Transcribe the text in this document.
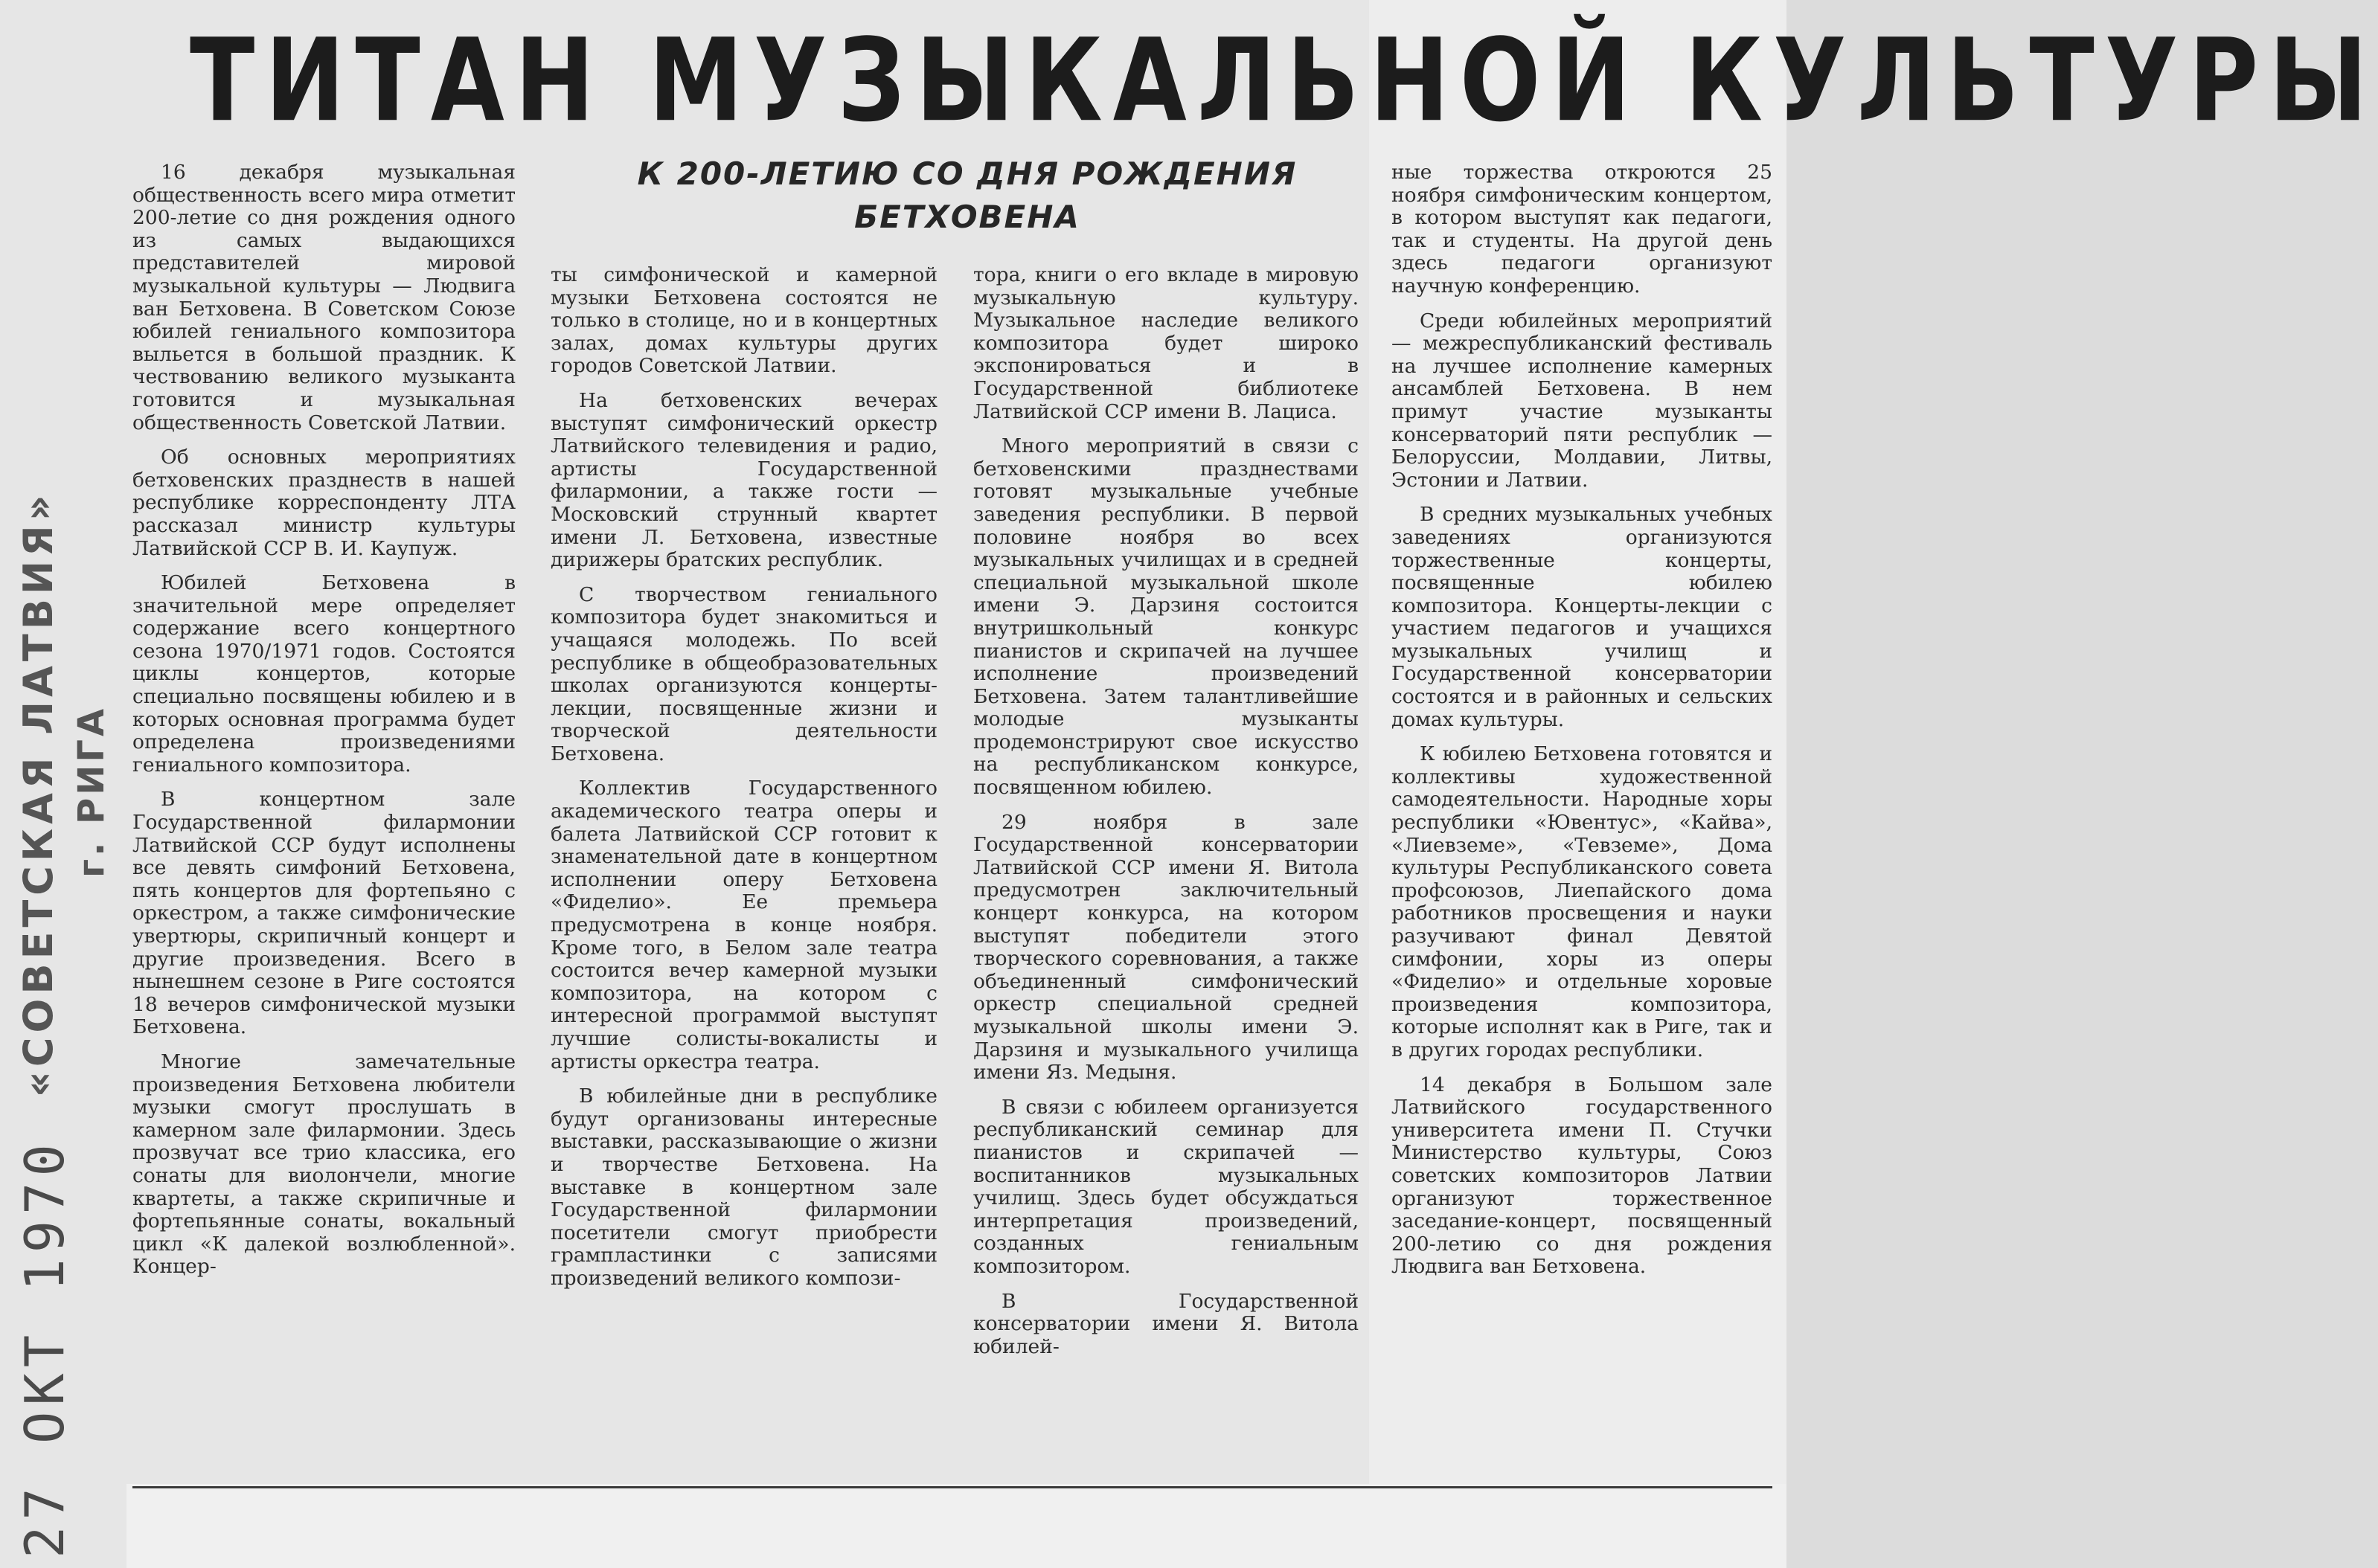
ТИТАН МУЗЫКАЛЬНОЙ КУЛЬТУРЫ
К 200-ЛЕТИЮ СО ДНЯ РОЖДЕНИЯ БЕТХОВЕНА

16 декабря музыкальная общественность всего мира отметит 200-летие со дня рождения одного из самых выдающихся представителей мировой музыкальной культуры — Людвига ван Бетховена. В Советском Союзе юбилей гениального композитора выльется в большой праздник. К чествованию великого музыканта готовится и музыкальная общественность Советской Латвии.

Об основных мероприятиях бетховенских празднеств в нашей республике корреспонденту ЛТА рассказал министр культуры Латвийской ССР В. И. Каупуж.

Юбилей Бетховена в значительной мере определяет содержание всего концертного сезона 1970/1971 годов. Состоятся циклы концертов, которые специально посвящены юбилею и в которых основная программа будет определена произведениями гениального композитора.

В концертном зале Государственной филармонии Латвийской ССР будут исполнены все девять симфоний Бетховена, пять концертов для фортепьяно с оркестром, а также симфонические увертюры, скрипичный концерт и другие произведения. Всего в нынешнем сезоне в Риге состоятся 18 вечеров симфонической музыки Бетховена.

Многие замечательные произведения Бетховена любители музыки смогут прослушать в камерном зале филармонии. Здесь прозвучат все трио классика, его сонаты для виолончели, многие квартеты, а также скрипичные и фортепьянные сонаты, вокальный цикл «К далекой возлюбленной». Концер-

ты симфонической и камерной музыки Бетховена состоятся не только в столице, но и в концертных залах, домах культуры других городов Советской Латвии.

На бетховенских вечерах выступят симфонический оркестр Латвийского телевидения и радио, артисты Государственной филармонии, а также гости — Московский струнный квартет имени Л. Бетховена, известные дирижеры братских республик.

С творчеством гениального композитора будет знакомиться и учащаяся молодежь. По всей республике в общеобразовательных школах организуются концерты-лекции, посвященные жизни и творческой деятельности Бетховена.

Коллектив Государственного академического театра оперы и балета Латвийской ССР готовит к знаменательной дате в концертном исполнении оперу Бетховена «Фиделио». Ее премьера предусмотрена в конце ноября. Кроме того, в Белом зале театра состоится вечер камерной музыки композитора, на котором с интересной программой выступят лучшие солисты-вокалисты и артисты оркестра театра.

В юбилейные дни в республике будут организованы интересные выставки, рассказывающие о жизни и творчестве Бетховена. На выставке в концертном зале Государственной филармонии посетители смогут приобрести грампластинки с записями произведений великого компози-

тора, книги о его вкладе в мировую музыкальную культуру. Музыкальное наследие великого композитора будет широко экспонироваться и в Государственной библиотеке Латвийской ССР имени В. Лациса.

Много мероприятий в связи с бетховенскими празднествами готовят музыкальные учебные заведения республики. В первой половине ноября во всех музыкальных училищах и в средней специальной музыкальной школе имени Э. Дарзиня состоится внутришкольный конкурс пианистов и скрипачей на лучшее исполнение произведений Бетховена. Затем талантливейшие молодые музыканты продемонстрируют свое искусство на республиканском конкурсе, посвященном юбилею.

29 ноября в зале Государственной консерватории Латвийской ССР имени Я. Витола предусмотрен заключительный концерт конкурса, на котором выступят победители этого творческого соревнования, а также объединенный симфонический оркестр специальной средней музыкальной школы имени Э. Дарзиня и музыкального училища имени Яз. Медыня.

В связи с юбилеем организуется республиканский семинар для пианистов и скрипачей — воспитанников музыкальных училищ. Здесь будет обсуждаться интерпретация произведений, созданных гениальным композитором.

В Государственной консерватории имени Я. Витола юбилей-

ные торжества откроются 25 ноября симфоническим концертом, в котором выступят как педагоги, так и студенты. На другой день здесь педагоги организуют научную конференцию.

Среди юбилейных мероприятий — межреспубликанский фестиваль на лучшее исполнение камерных ансамблей Бетховена. В нем примут участие музыканты консерваторий пяти республик — Белоруссии, Молдавии, Литвы, Эстонии и Латвии.

В средних музыкальных учебных заведениях организуются торжественные концерты, посвященные юбилею композитора. Концерты-лекции с участием педагогов и учащихся музыкальных училищ и Государственной консерватории состоятся и в районных и сельских домах культуры.

К юбилею Бетховена готовятся и коллективы художественной самодеятельности. Народные хоры республики «Ювентус», «Кайва», «Лиевземе», «Тевземе», Дома культуры Республиканского совета профсоюзов, Лиепайского дома работников просвещения и науки разучивают финал Девятой симфонии, хоры из оперы «Фиделио» и отдельные хоровые произведения композитора, которые исполнят как в Риге, так и в других городах республики.

14 декабря в Большом зале Латвийского государственного университета имени П. Стучки Министерство культуры, Союз советских композиторов Латвии организуют торжественное заседание-концерт, посвященный 200-летию со дня рождения Людвига ван Бетховена.

«СОВЕТСКАЯ ЛАТВИЯ» г. РИГА
27 ОКТ 1970
